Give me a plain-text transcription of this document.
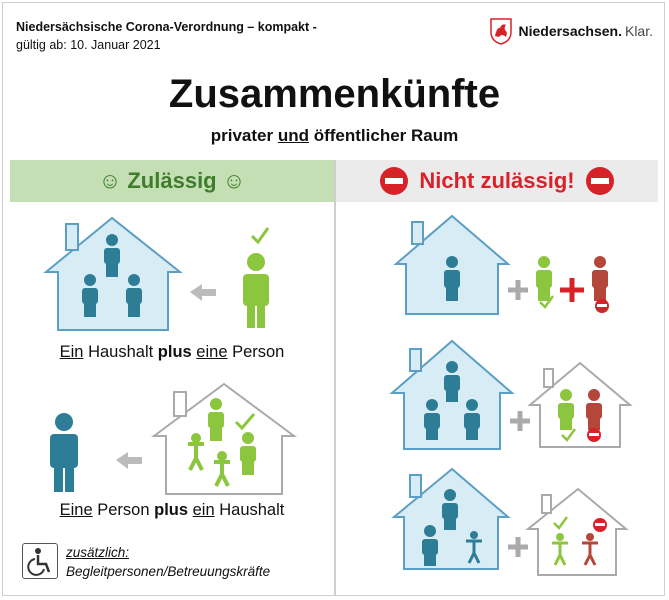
Niedersächsische Corona-Verordnung – kompakt -
gültig ab: 10. Januar 2021
Niedersachsen. Klar.
Zusammenkünfte
privater und öffentlicher Raum
☺ Zulässig ☺	Nicht zulässig!
Ein Haushalt plus eine Person
Eine Person plus ein Haushalt
zusätzlich:
Begleitpersonen/Betreuungskräfte
